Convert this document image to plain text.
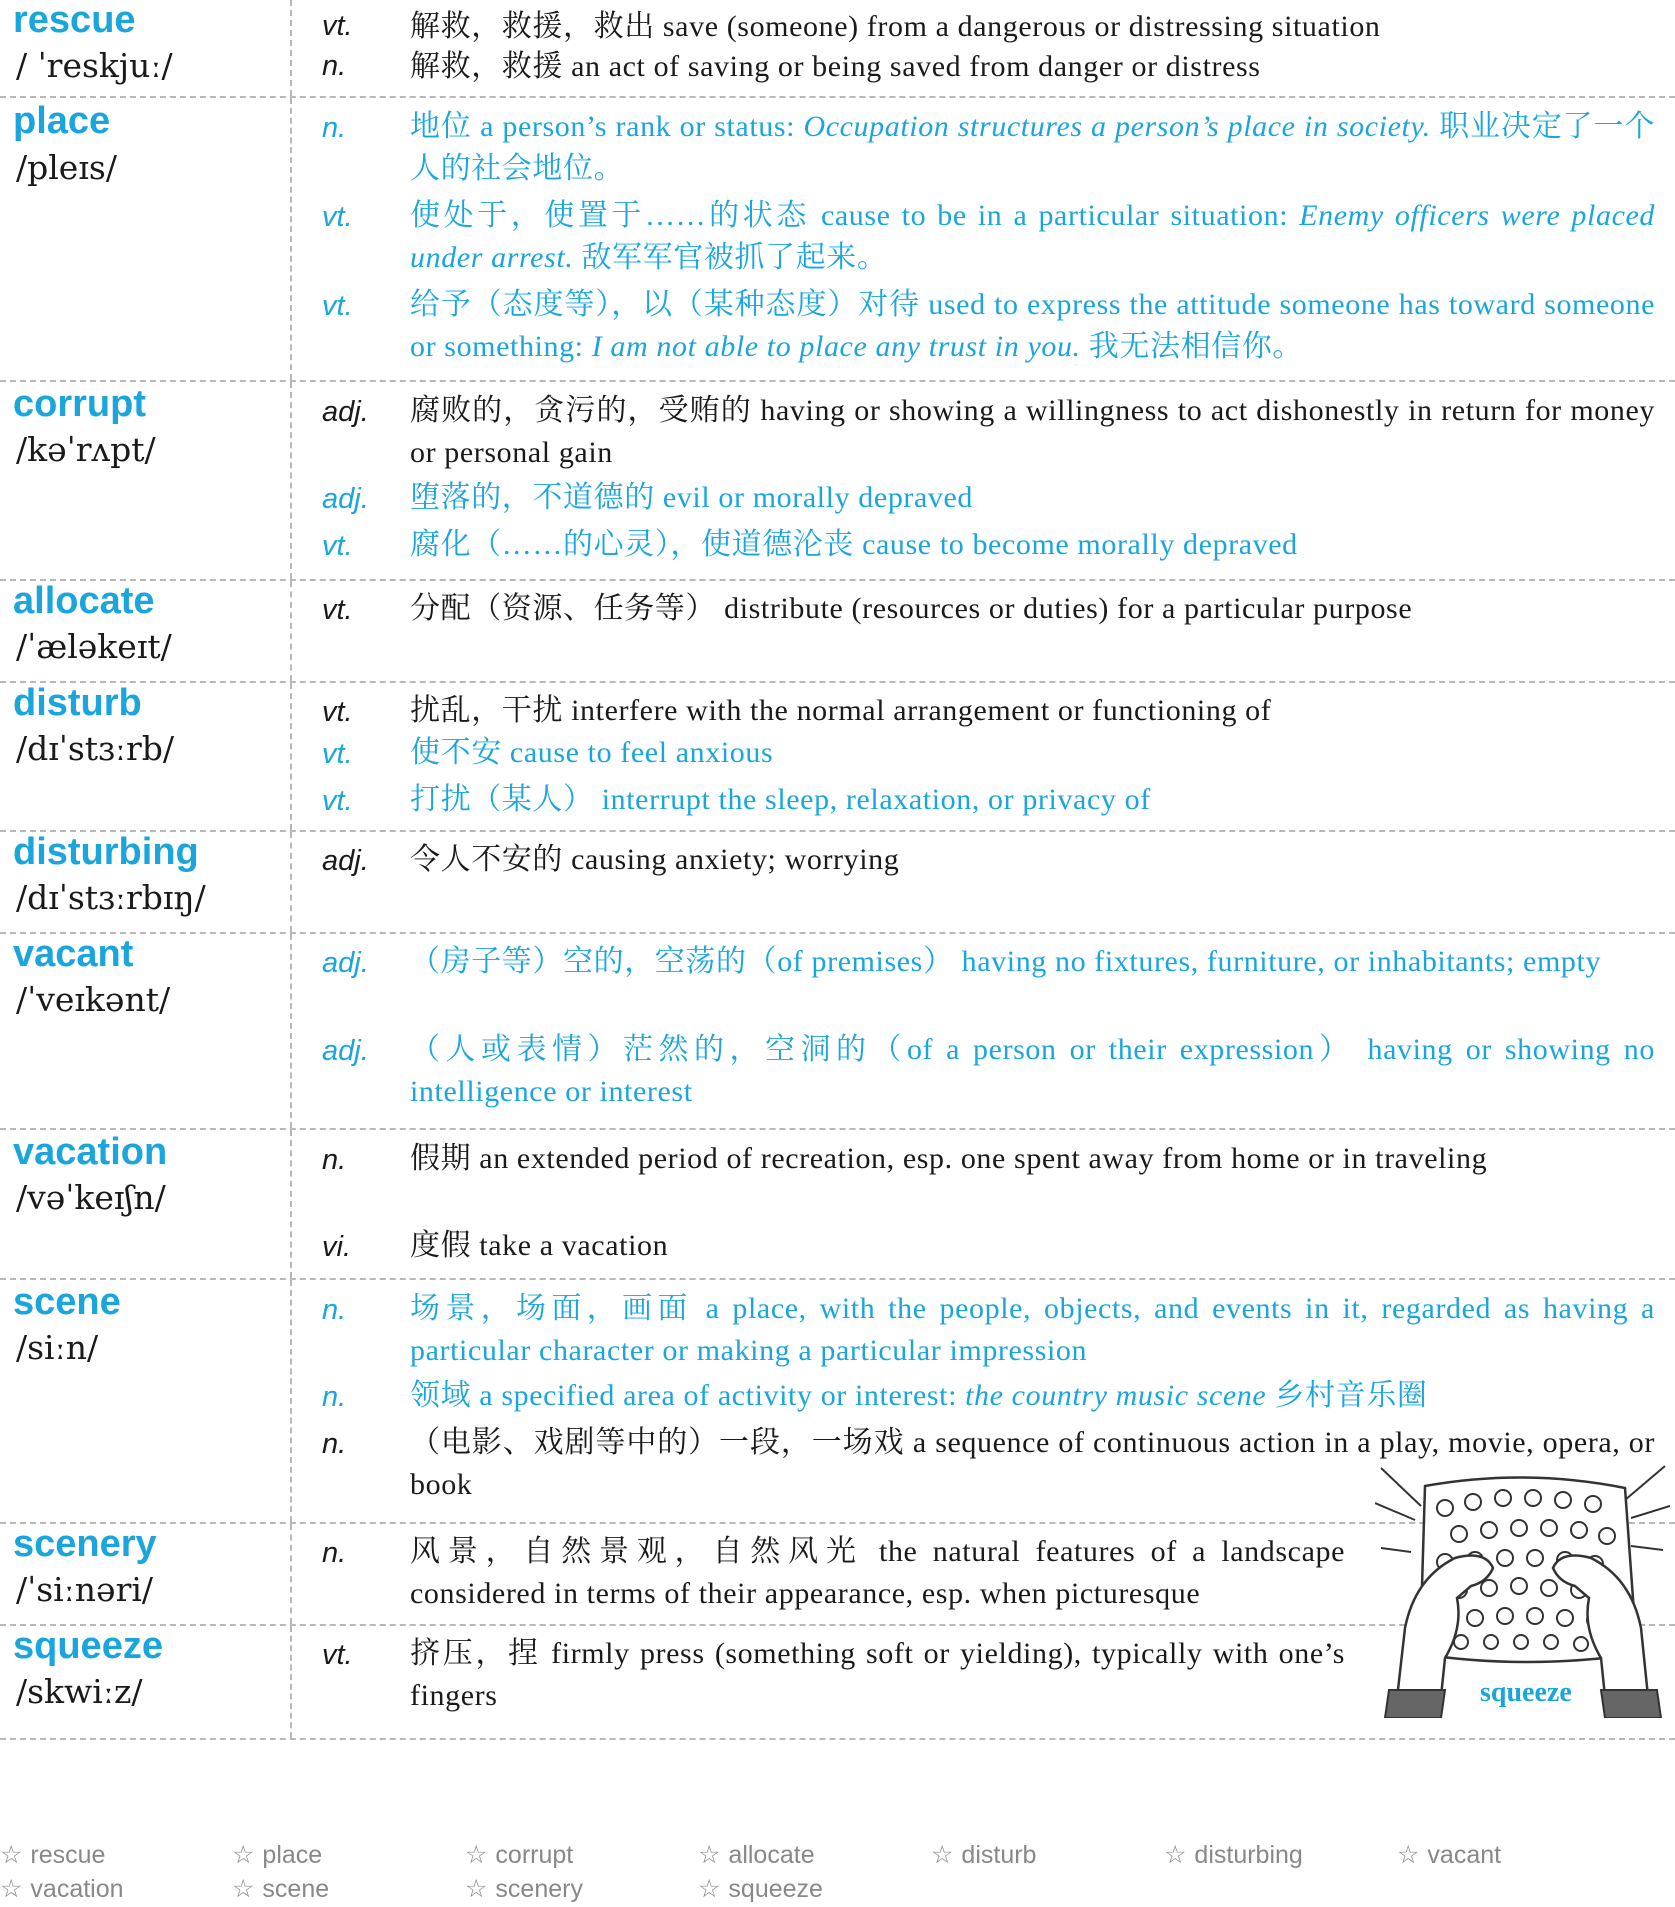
rescue
/ ˈreskjuː/
vt.	解救，救援，救出 save (someone) from a dangerous or distressing situation
n.	解救，救援 an act of saving or being saved from danger or distress
place
/pleɪs/
n.	地位 a person’s rank or status: Occupation structures a person’s place in society. 职业决定了一个人的社会地位。
vt.	使处于，使置于……的状态 cause to be in a particular situation: Enemy officers were placed under arrest. 敌军军官被抓了起来。
vt.	给予（态度等），以（某种态度）对待 used to express the attitude someone has toward someone or something: I am not able to place any trust in you. 我无法相信你。
corrupt
/kəˈrʌpt/
adj.	腐败的，贪污的，受贿的 having or showing a willingness to act dishonestly in return for money or personal gain
adj.	堕落的，不道德的 evil or morally depraved
vt.	腐化（……的心灵），使道德沦丧 cause to become morally depraved
allocate
/ˈæləkeɪt/
vt.	分配（资源、任务等） distribute (resources or duties) for a particular purpose
disturb
/dɪˈstɜːrb/
vt.	扰乱，干扰 interfere with the normal arrangement or functioning of
vt.	使不安 cause to feel anxious
vt.	打扰（某人） interrupt the sleep, relaxation, or privacy of
disturbing
/dɪˈstɜːrbɪŋ/
adj.	令人不安的 causing anxiety; worrying
vacant
/ˈveɪkənt/
adj.	（房子等）空的，空荡的（of premises） having no fixtures, furniture, or inhabitants; empty
adj.	（人或表情）茫然的，空洞的（of a person or their expression） having or showing no intelligence or interest
vacation
/vəˈkeɪʃn/
n.	假期 an extended period of recreation, esp. one spent away from home or in traveling
vi.	度假 take a vacation
scene
/siːn/
n.	场景，场面，画面 a place, with the people, objects, and events in it, regarded as having a particular character or making a particular impression
n.	领域 a specified area of activity or interest: the country music scene 乡村音乐圈
n.	（电影、戏剧等中的）一段，一场戏 a sequence of continuous action in a play, movie, opera, or book
scenery
/ˈsiːnəri/
n.	风景，自然景观，自然风光 the natural features of a landscape considered in terms of their appearance, esp. when picturesque
squeeze
/skwiːz/
vt.	挤压，捏 firmly press (something soft or yielding), typically with one’s fingers	squeeze
☆ rescue	☆ place	☆ corrupt	☆ allocate	☆ disturb	☆ disturbing	☆ vacant
☆ vacation	☆ scene	☆ scenery	☆ squeeze
